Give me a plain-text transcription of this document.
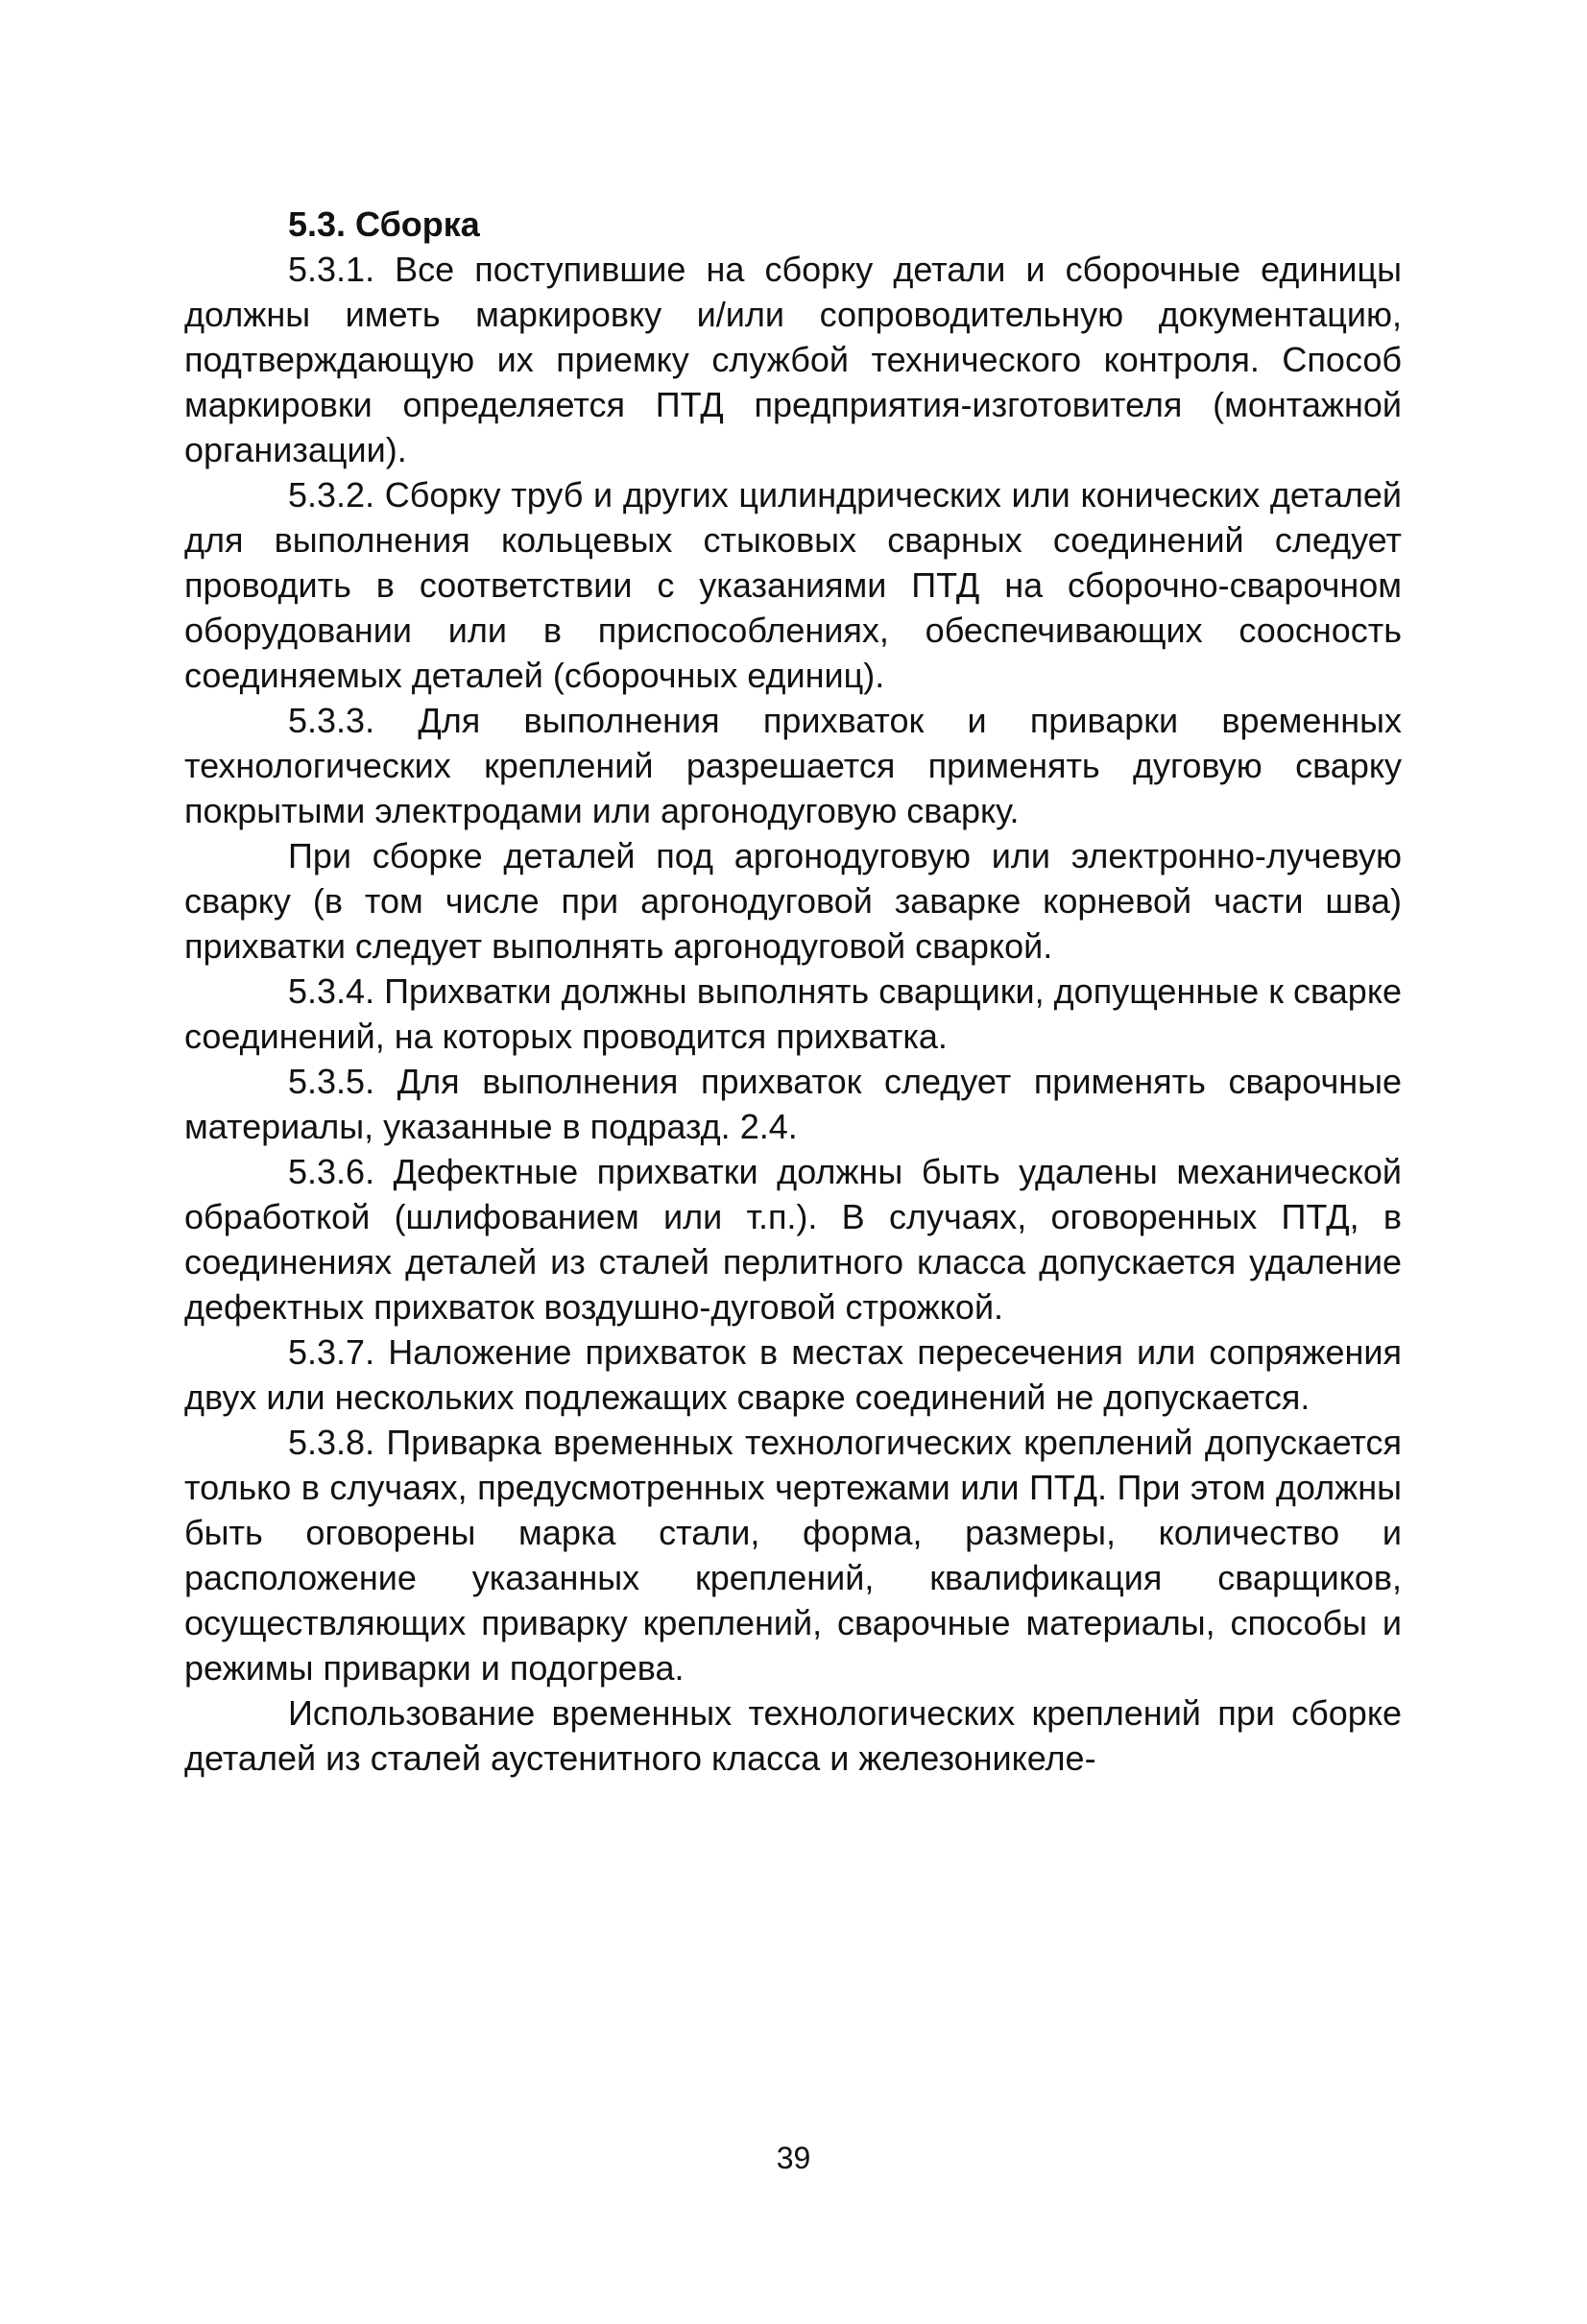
5.3. Сборка

5.3.1. Все поступившие на сборку детали и сборочные единицы должны иметь маркировку и/или сопроводительную документацию, подтверждающую их приемку службой технического контроля. Способ маркировки определяется ПТД предприятия-изготовителя (монтажной организации).

5.3.2. Сборку труб и других цилиндрических или конических деталей для выполнения кольцевых стыковых сварных соединений следует проводить в соответствии с указаниями ПТД на сборочно-сварочном оборудовании или в приспособлениях, обеспечивающих соосность соединяемых деталей (сборочных единиц).

5.3.3. Для выполнения прихваток и приварки временных технологических креплений разрешается применять дуговую сварку покрытыми электродами или аргонодуговую сварку.

При сборке деталей под аргонодуговую или электронно-лучевую сварку (в том числе при аргонодуговой заварке корневой части шва) прихватки следует выполнять аргонодуговой сваркой.

5.3.4. Прихватки должны выполнять сварщики, допущенные к сварке соединений, на которых проводится прихватка.

5.3.5. Для выполнения прихваток следует применять сварочные материалы, указанные в подразд. 2.4.

5.3.6. Дефектные прихватки должны быть удалены механической обработкой (шлифованием или т.п.). В случаях, оговоренных ПТД, в соединениях деталей из сталей перлитного класса допускается удаление дефектных прихваток воздушно-дуговой строжкой.

5.3.7. Наложение прихваток в местах пересечения или сопряжения двух или нескольких подлежащих сварке соединений не допускается.

5.3.8. Приварка временных технологических креплений допускается только в случаях, предусмотренных чертежами или ПТД. При этом должны быть оговорены марка стали, форма, размеры, количество и расположение указанных креплений, квалификация сварщиков, осуществляющих приварку креплений, сварочные материалы, способы и режимы приварки и подогрева.

Использование временных технологических креплений при сборке деталей из сталей аустенитного класса и железоникеле-

39
